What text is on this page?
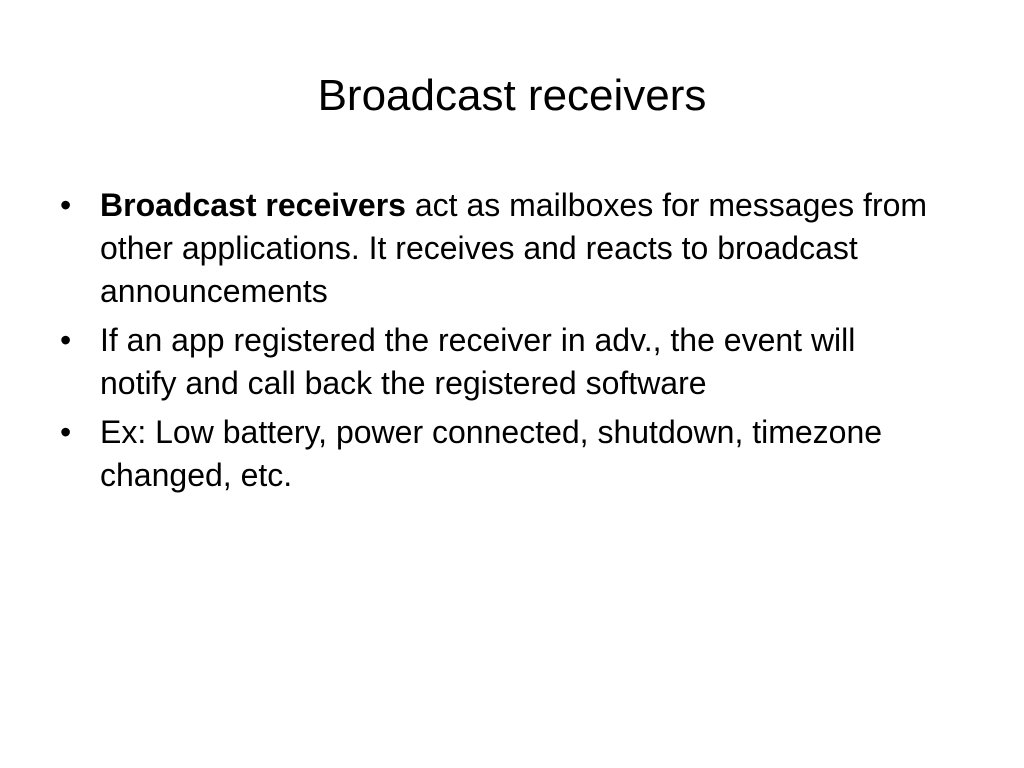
Broadcast receivers
• Broadcast receivers act as mailboxes for messages from other applications. It receives and reacts to broadcast announcements
• If an app registered the receiver in adv., the event will notify and call back the registered software
• Ex: Low battery, power connected, shutdown, timezone changed, etc.
